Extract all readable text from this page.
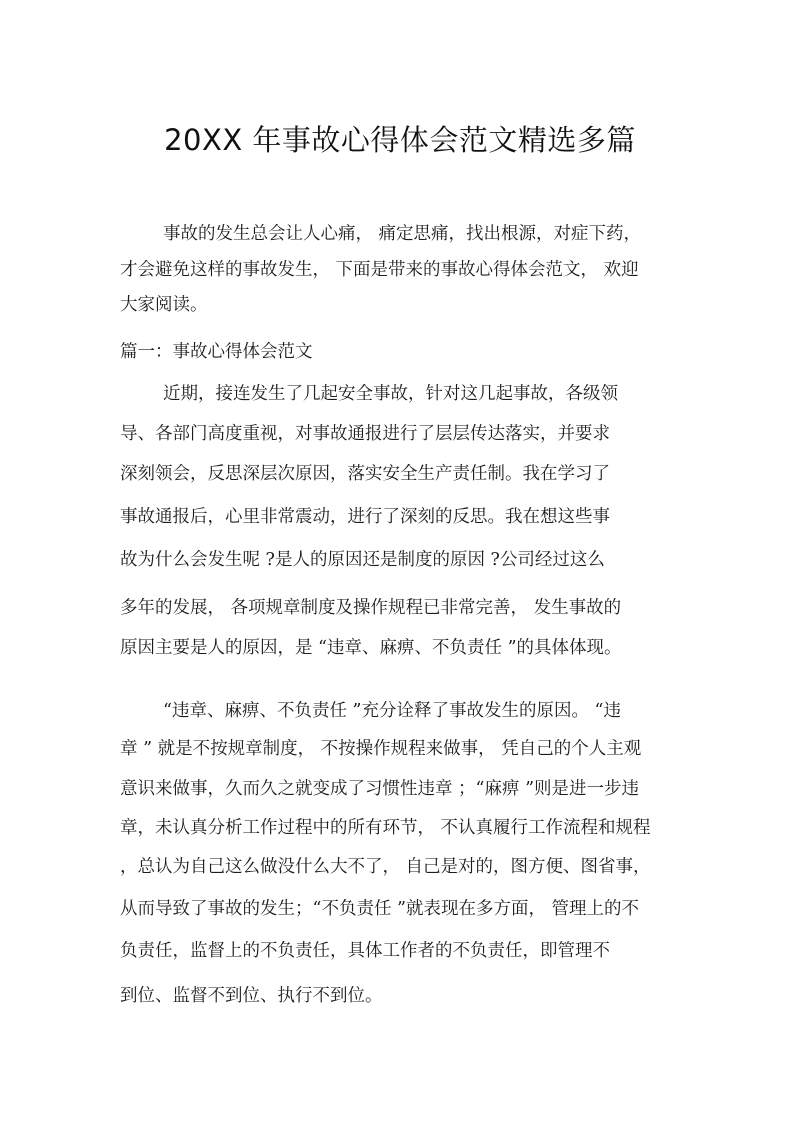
20XX 年事故心得体会范文精选多篇
事故的发生总会让人心痛， 痛定思痛，找出根源，对症下药，
才会避免这样的事故发生， 下面是带来的事故心得体会范文， 欢迎
大家阅读。
篇一：事故心得体会范文
近期，接连发生了几起安全事故，针对这几起事故，各级领
导、各部门高度重视，对事故通报进行了层层传达落实，并要求
深刻领会，反思深层次原因，落实安全生产责任制。我在学习了
事故通报后，心里非常震动，进行了深刻的反思。我在想这些事
故为什么会发生呢 ?是人的原因还是制度的原因 ?公司经过这么
多年的发展， 各项规章制度及操作规程已非常完善， 发生事故的
原因主要是人的原因，是 “违章、麻痹、不负责任 ”的具体体现。
“违章、麻痹、不负责任 ”充分诠释了事故发生的原因。 “违
章 ” 就是不按规章制度， 不按操作规程来做事， 凭自己的个人主观
意识来做事，久而久之就变成了习惯性违章 ；“麻痹 ”则是进一步违
章，未认真分析工作过程中的所有环节， 不认真履行工作流程和规程
，总认为自己这么做没什么大不了， 自己是对的，图方便、图省事，
从而导致了事故的发生；“不负责任 ”就表现在多方面， 管理上的不
负责任，监督上的不负责任，具体工作者的不负责任，即管理不
到位、监督不到位、执行不到位。
